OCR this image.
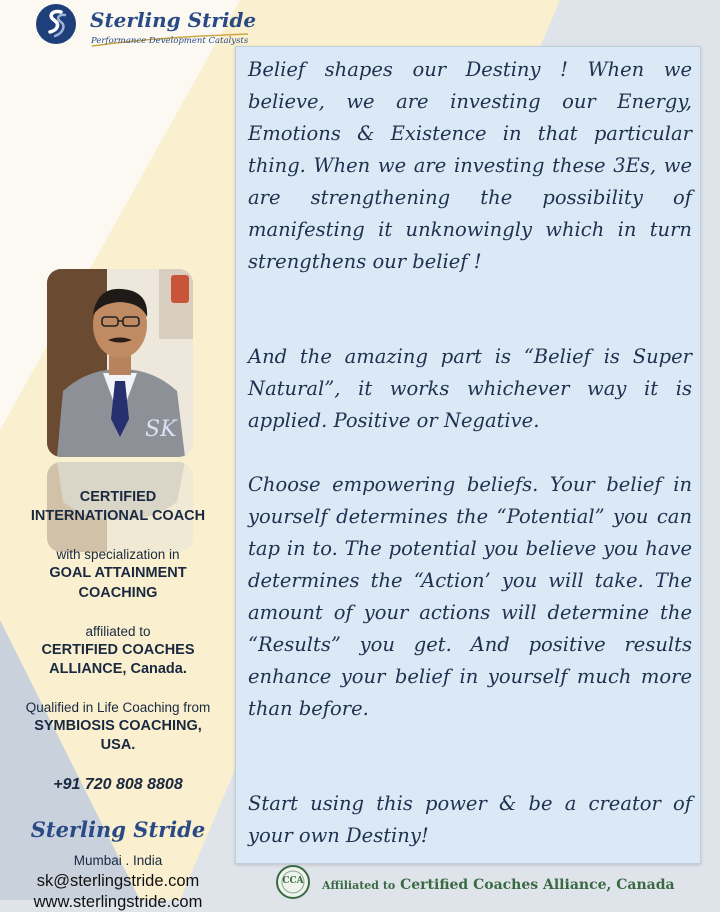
Sterling Stride
Performance Development Catalysts
SK
CERTIFIED
INTERNATIONAL COACH
with specialization in
GOAL ATTAINMENT
COACHING
affiliated to
CERTIFIED COACHES
ALLIANCE, Canada.
Qualified in Life Coaching from
SYMBIOSIS COACHING,
USA.
+91 720 808 8808
Sterling Stride
Mumbai . India
sk@sterlingstride.com
www.sterlingstride.com
Belief shapes our Destiny ! When we believe, we are investing our Energy, Emotions & Existence in that particular thing. When we are investing these 3Es, we are strengthening the possibility of manifesting it unknowingly which in turn strengthens our belief !
And the amazing part is “Belief is Super Natural”, it works whichever way it is applied. Positive or Negative.
Choose empowering beliefs. Your belief in yourself determines the “Potential” you can tap in to. The potential you believe you have determines the “Action’ you will take. The amount of your actions will determine the “Results” you get. And positive results enhance your belief in yourself much more than before.
Start using this power & be a creator of your own Destiny!
CCA	Affiliated to Certified Coaches Alliance, Canada
